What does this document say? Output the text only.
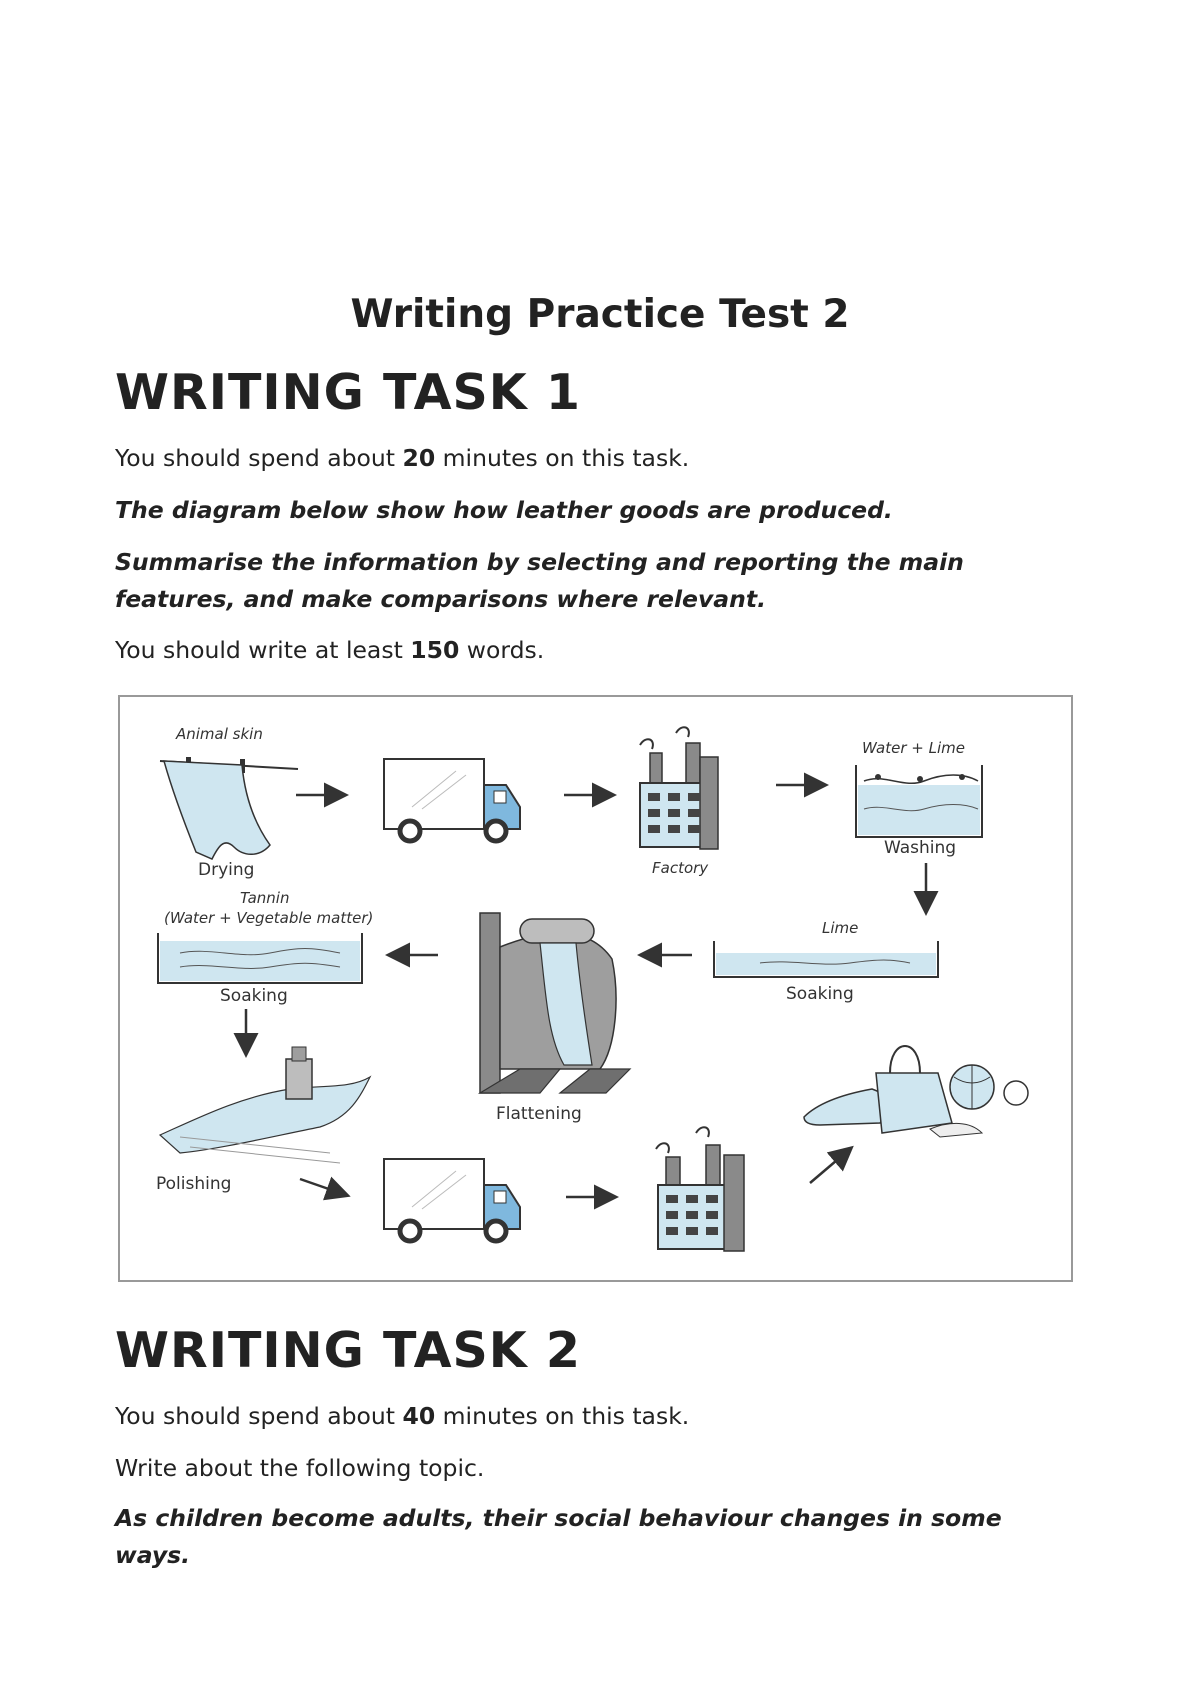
Writing Practice Test 2
WRITING TASK 1

You should spend about 20 minutes on this task.

The diagram below show how leather goods are produced.

Summarise the information by selecting and reporting the main features, and make comparisons where relevant.

You should write at least 150 words.

Animal skin
Drying	Factory
Water + Lime
Washing
Lime
Soaking
Flattening
Tannin
(Water + Vegetable matter)
Soaking
Polishing
WRITING TASK 2

You should spend about 40 minutes on this task.

Write about the following topic.

As children become adults, their social behaviour changes in some ways.
